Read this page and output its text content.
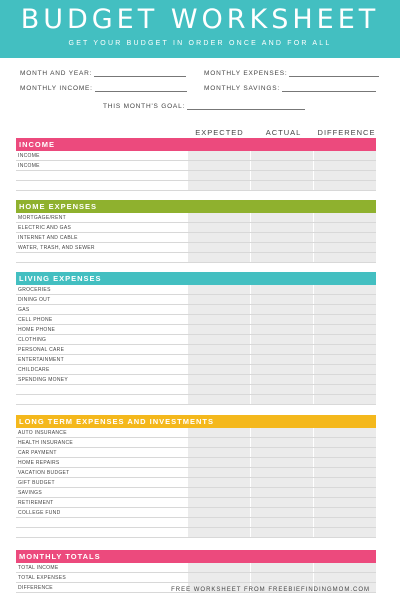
BUDGET WORKSHEET
GET YOUR BUDGET IN ORDER ONCE AND FOR ALL
MONTH AND YEAR:	MONTHLY EXPENSES:
MONTHLY INCOME:	MONTHLY SAVINGS:
THIS MONTH'S GOAL:
EXPECTED	ACTUAL	DIFFERENCE
INCOME
INCOME
INCOME
HOME EXPENSES
MORTGAGE/RENT
ELECTRIC AND GAS
INTERNET AND CABLE
WATER, TRASH, AND SEWER
LIVING EXPENSES
GROCERIES
DINING OUT
GAS
CELL PHONE
HOME PHONE
CLOTHING
PERSONAL CARE
ENTERTAINMENT
CHILDCARE
SPENDING MONEY
LONG TERM EXPENSES AND INVESTMENTS
AUTO INSURANCE
HEALTH INSURANCE
CAR PAYMENT
HOME REPAIRS
VACATION BUDGET
GIFT BUDGET
SAVINGS
RETIREMENT
COLLEGE FUND
MONTHLY TOTALS
TOTAL INCOME
TOTAL EXPENSES
DIFFERENCE	FREE WORKSHEET FROM FREEBIEFINDINGMOM.COM
